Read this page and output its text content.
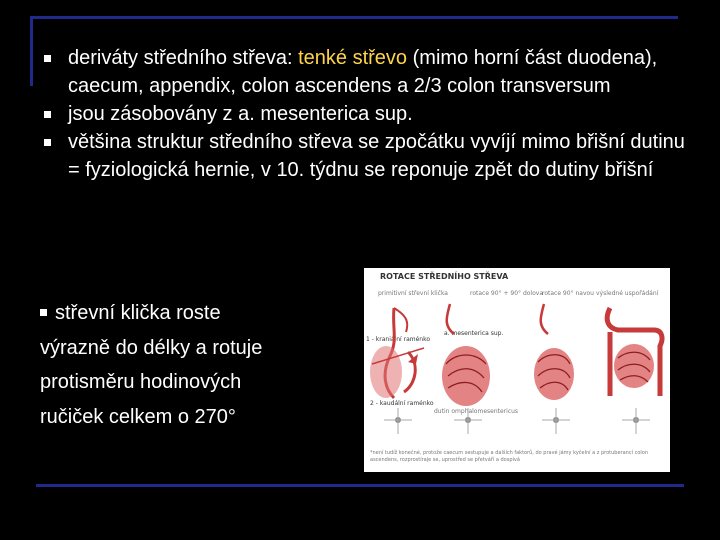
deriváty středního střeva: tenké střevo (mimo horní část duodena), caecum, appendix, colon ascendens a 2/3 colon transversum
jsou zásobovány z a. mesenterica sup.
většina struktur středního střeva se zpočátku vyvíjí mimo břišní dutinu = fyziologická hernie, v 10. týdnu se reponuje zpět do dutiny břišní
střevní klička roste
výrazně do délky a rotuje
protisměru hodinových
ručiček celkem o 270°
ROTACE STŘEDNÍHO STŘEVA
primitivní střevní klička	rotace 90° + 90° dolova rotace 90° navou výsledné uspořádání
a. mesenterica sup.
1 - kraniální raménko
2 - kaudální raménko
dutin omphalomesentericus
*není tudíž konečné, protože caecum sestupuje a dalších faktorů, do pravé jámy kyčelní a z protuberancí colon ascendens, rozprostíraje se, uprostřed se přetváří a dospívá
